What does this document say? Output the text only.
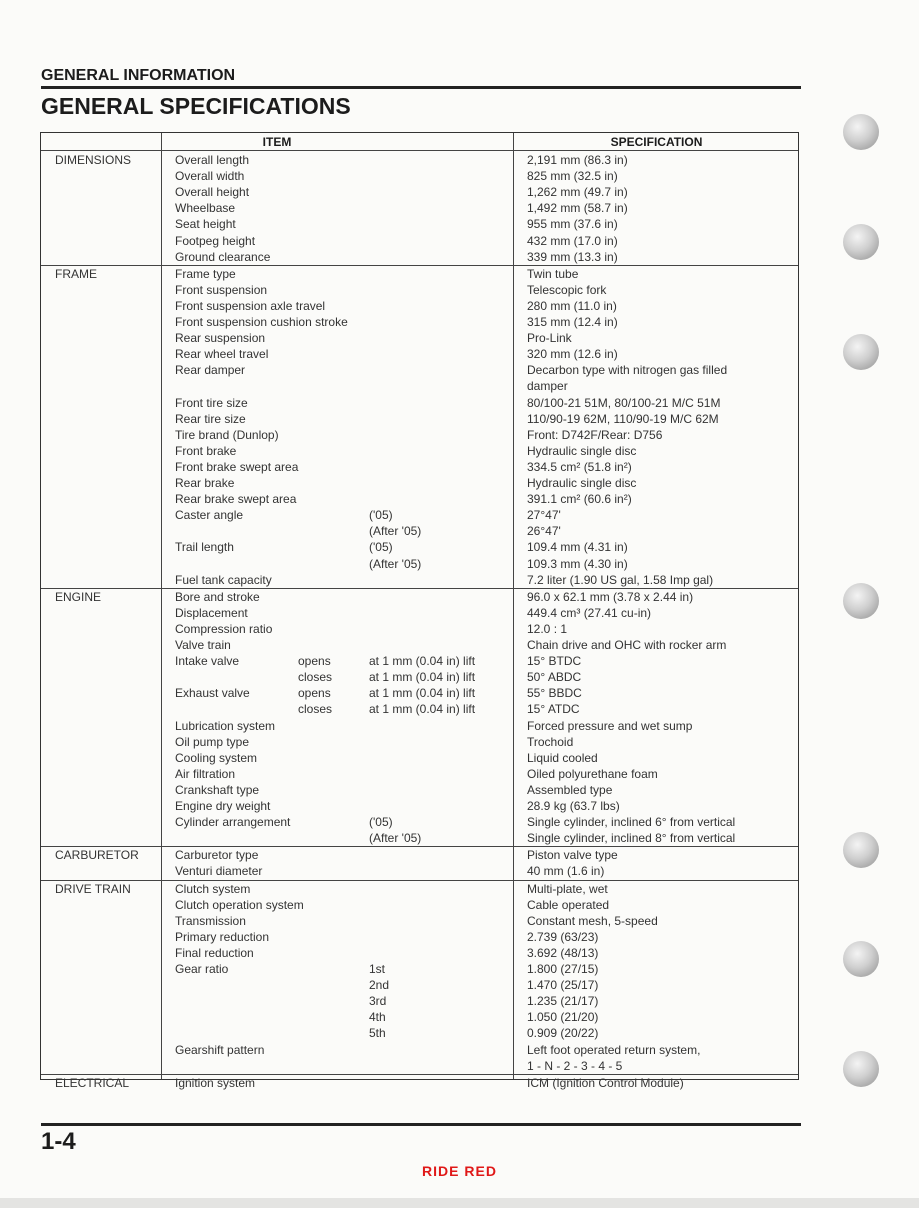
GENERAL INFORMATION
GENERAL SPECIFICATIONS
ITEM	SPECIFICATION
DIMENSIONS	Overall length	2,191 mm (86.3 in)
Overall width	825 mm (32.5 in)
Overall height	1,262 mm (49.7 in)
Wheelbase	1,492 mm (58.7 in)
Seat height	955 mm (37.6 in)
Footpeg height	432 mm (17.0 in)
Ground clearance	339 mm (13.3 in)
FRAME	Frame type	Twin tube
Front suspension	Telescopic fork
Front suspension axle travel	280 mm (11.0 in)
Front suspension cushion stroke	315 mm (12.4 in)
Rear suspension	Pro-Link
Rear wheel travel	320 mm (12.6 in)
Rear damper	Decarbon type with nitrogen gas filled
damper
Front tire size	80/100-21 51M, 80/100-21 M/C 51M
Rear tire size	110/90-19 62M, 110/90-19 M/C 62M
Tire brand (Dunlop)	Front: D742F/Rear: D756
Front brake	Hydraulic single disc
Front brake swept area	334.5 cm² (51.8 in²)
Rear brake	Hydraulic single disc
Rear brake swept area	391.1 cm² (60.6 in²)
Caster angle	('05)	27°47'
(After '05)	26°47'
Trail length	('05)	109.4 mm (4.31 in)
(After '05)	109.3 mm (4.30 in)
Fuel tank capacity	7.2 liter (1.90 US gal, 1.58 Imp gal)
ENGINE	Bore and stroke	96.0 x 62.1 mm (3.78 x 2.44 in)
Displacement	449.4 cm³ (27.41 cu-in)
Compression ratio	12.0 : 1
Valve train	Chain drive and OHC with rocker arm
Intake valve	opens	at 1 mm (0.04 in) lift	15° BTDC
closes	at 1 mm (0.04 in) lift	50° ABDC
Exhaust valve	opens	at 1 mm (0.04 in) lift	55° BBDC
closes	at 1 mm (0.04 in) lift	15° ATDC
Lubrication system	Forced pressure and wet sump
Oil pump type	Trochoid
Cooling system	Liquid cooled
Air filtration	Oiled polyurethane foam
Crankshaft type	Assembled type
Engine dry weight	28.9 kg (63.7 lbs)
Cylinder arrangement	('05)	Single cylinder, inclined 6° from vertical
(After '05)	Single cylinder, inclined 8° from vertical
CARBURETOR	Carburetor type	Piston valve type
Venturi diameter	40 mm (1.6 in)
DRIVE TRAIN	Clutch system	Multi-plate, wet
Clutch operation system	Cable operated
Transmission	Constant mesh, 5-speed
Primary reduction	2.739 (63/23)
Final reduction	3.692 (48/13)
Gear ratio	1st	1.800 (27/15)
2nd	1.470 (25/17)
3rd	1.235 (21/17)
4th	1.050 (21/20)
5th	0.909 (20/22)
Gearshift pattern	Left foot operated return system,
1 - N - 2 - 3 - 4 - 5
ELECTRICAL	Ignition system	ICM (Ignition Control Module)
1-4
RIDE RED
